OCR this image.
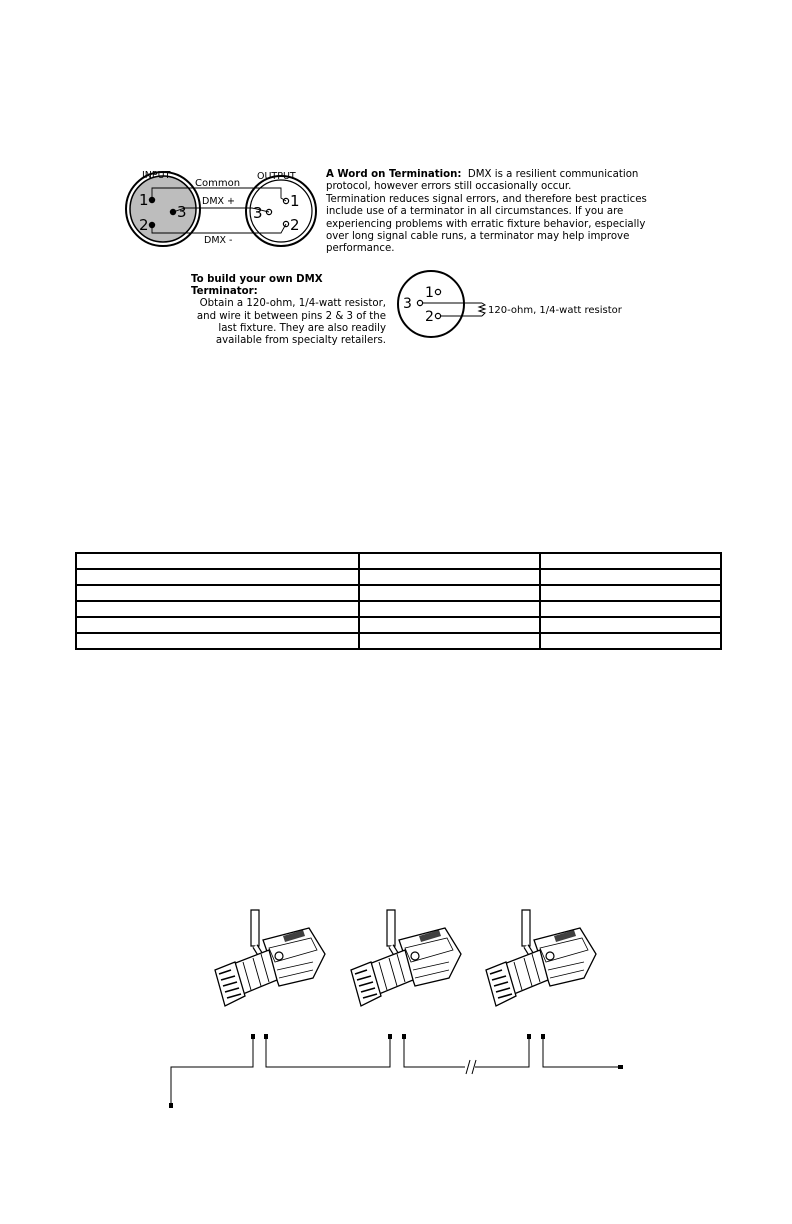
1
2
3
INPUT
1
2
3
OUTPUT
Common
DMX +
DMX -
1
2
3	120-ohm, 1/4-watt resistor

A Word on Termination: DMX is a resilient communication

protocol, however errors still occasionally occur.

Termination reduces signal errors, and therefore best practices

include use of a terminator in all circumstances. If you are

experiencing problems with erratic fixture behavior, especially

over long signal cable runs, a terminator may help improve

performance.

To build your own DMX Terminator:

Obtain a 120-ohm, 1/4-watt resistor,

and wire it between pins 2 & 3 of the

last fixture. They are also readily

available from specialty retailers.
